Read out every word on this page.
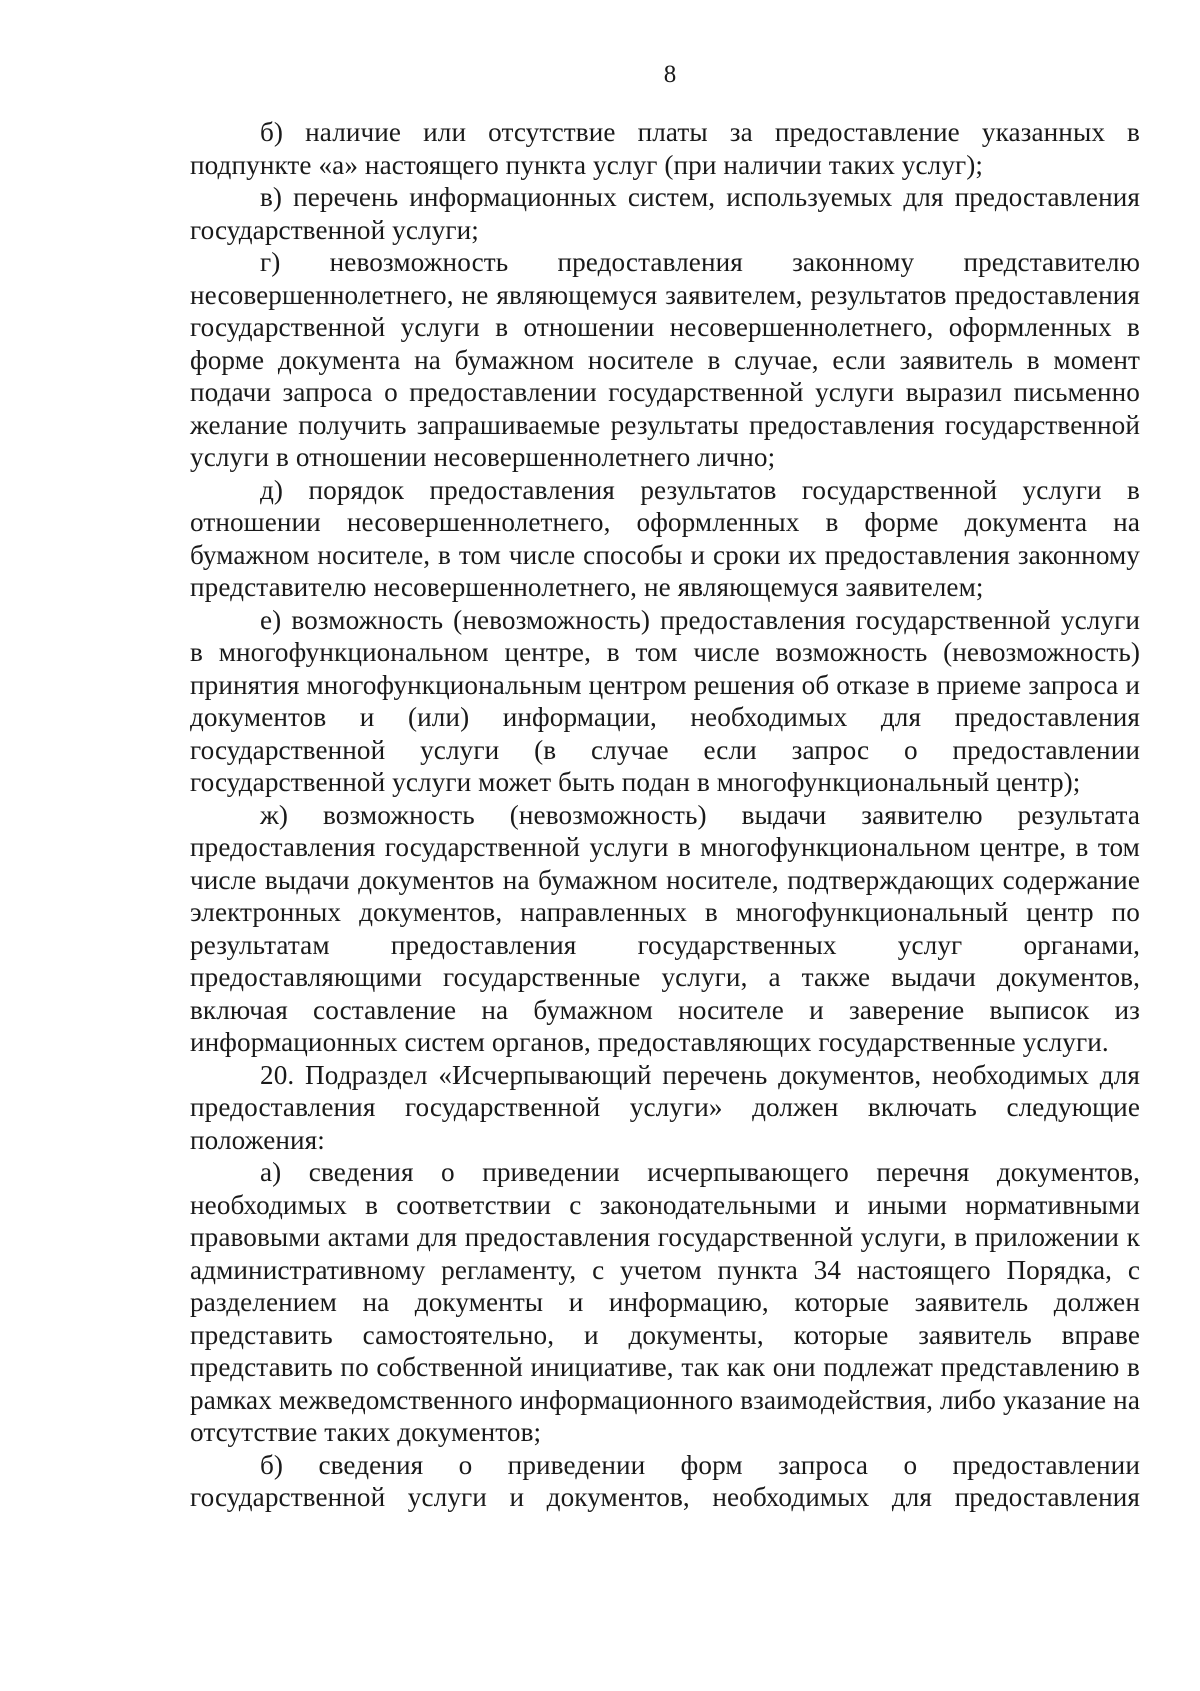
8

б) наличие или отсутствие платы за предоставление указанных в подпункте «а» настоящего пункта услуг (при наличии таких услуг);

в) перечень информационных систем, используемых для предоставления государственной услуги;

г) невозможность предоставления законному представителю несовершеннолетнего, не являющемуся заявителем, результатов предоставления государственной услуги в отношении несовершеннолетнего, оформленных в форме документа на бумажном носителе в случае, если заявитель в момент подачи запроса о предоставлении государственной услуги выразил письменно желание получить запрашиваемые результаты предоставления государственной услуги в отношении несовершеннолетнего лично;

д) порядок предоставления результатов государственной услуги в отношении несовершеннолетнего, оформленных в форме документа на бумажном носителе, в том числе способы и сроки их предоставления законному представителю несовершеннолетнего, не являющемуся заявителем;

е) возможность (невозможность) предоставления государственной услуги в многофункциональном центре, в том числе возможность (невозможность) принятия многофункциональным центром решения об отказе в приеме запроса и документов и (или) информации, необходимых для предоставления государственной услуги (в случае если запрос о предоставлении государственной услуги может быть подан в многофункциональный центр);

ж) возможность (невозможность) выдачи заявителю результата предоставления государственной услуги в многофункциональном центре, в том числе выдачи документов на бумажном носителе, подтверждающих содержание электронных документов, направленных в многофункциональный центр по результатам предоставления государственных услуг органами, предоставляющими государственные услуги, а также выдачи документов, включая составление на бумажном носителе и заверение выписок из информационных систем органов, предоставляющих государственные услуги.

20. Подраздел «Исчерпывающий перечень документов, необходимых для предоставления государственной услуги» должен включать следующие положения:

а) сведения о приведении исчерпывающего перечня документов, необходимых в соответствии с законодательными и иными нормативными правовыми актами для предоставления государственной услуги, в приложении к административному регламенту, с учетом пункта 34 настоящего Порядка, с разделением на документы и информацию, которые заявитель должен представить самостоятельно, и документы, которые заявитель вправе представить по собственной инициативе, так как они подлежат представлению в рамках межведомственного информационного взаимодействия, либо указание на отсутствие таких документов;

б) сведения о приведении форм запроса о предоставлении государственной услуги и документов, необходимых для предоставления
